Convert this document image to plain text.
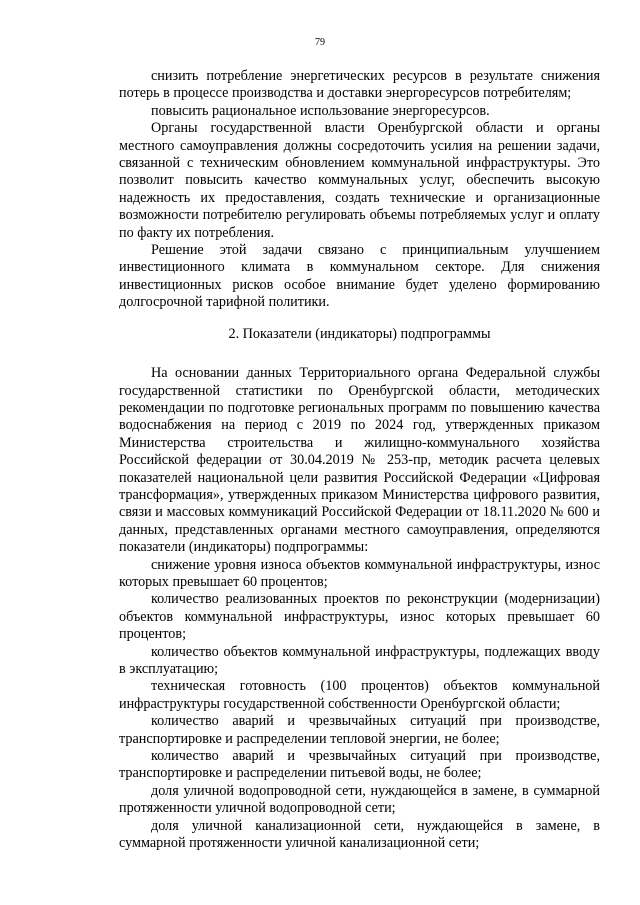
79

снизить потребление энергетических ресурсов в результате снижения потерь в процессе производства и доставки энергоресурсов потребителям;

повысить рациональное использование энергоресурсов.

Органы государственной власти Оренбургской области и органы местного самоуправления должны сосредоточить усилия на решении задачи, связанной с техническим обновлением коммунальной инфраструктуры. Это позволит повысить качество коммунальных услуг, обеспечить высокую надежность их предоставления, создать технические и организационные возможности потребителю регулировать объемы потребляемых услуг и оплату по факту их потребления.

Решение этой задачи связано с принципиальным улучшением инвестиционного климата в коммунальном секторе. Для снижения инвестиционных рисков особое внимание будет уделено формированию долгосрочной тарифной политики.

2. Показатели (индикаторы) подпрограммы

На основании данных Территориального органа Федеральной службы государственной статистики по Оренбургской области, методических рекомендации по подготовке региональных программ по повышению качества водоснабжения на период с 2019 по 2024 год, утвержденных приказом Министерства строительства и жилищно-коммунального хозяйства Российской федерации от 30.04.2019 № 253-пр, методик расчета целевых показателей национальной цели развития Российской Федерации «Цифровая трансформация», утвержденных приказом Министерства цифрового развития, связи и массовых коммуникаций Российской Федерации от 18.11.2020 № 600 и данных, представленных органами местного самоуправления, определяются показатели (индикаторы) подпрограммы:

снижение уровня износа объектов коммунальной инфраструктуры, износ которых превышает 60 процентов;

количество реализованных проектов по реконструкции (модернизации) объектов коммунальной инфраструктуры, износ которых превышает 60 процентов;

количество объектов коммунальной инфраструктуры, подлежащих вводу в эксплуатацию;

техническая готовность (100 процентов) объектов коммунальной инфраструктуры государственной собственности Оренбургской области;

количество аварий и чрезвычайных ситуаций при производстве, транспортировке и распределении тепловой энергии, не более;

количество аварий и чрезвычайных ситуаций при производстве, транспортировке и распределении питьевой воды, не более;

доля уличной водопроводной сети, нуждающейся в замене, в суммарной протяженности уличной водопроводной сети;

доля уличной канализационной сети, нуждающейся в замене, в суммарной протяженности уличной канализационной сети;
